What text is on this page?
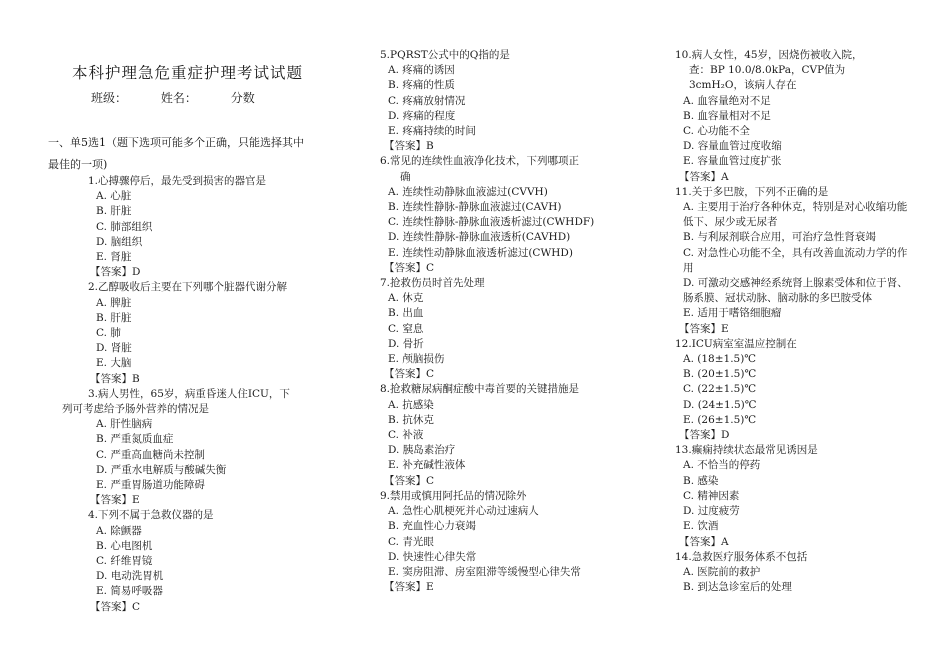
本科护理急危重症护理考试试题
班级：	姓名：	分数
一、单5选1（题下选项可能多个正确，只能选择其中最佳的一项)
1.心搏骤停后，最先受到损害的器官是
A. 心脏
B. 肝脏
C. 肺部组织
D. 脑组织
E. 肾脏
【答案】D
2.乙醇吸收后主要在下列哪个脏器代谢分解
A. 脾脏
B. 肝脏
C. 肺
D. 肾脏
E. 大脑
【答案】B
3.病人男性，65岁，病重昏迷人住ICU，下
列可考虑给予肠外营养的情况是
A. 肝性脑病
B. 严重氮质血症
C. 严重高血糖尚未控制
D. 严重水电解质与酸碱失衡
E. 严重胃肠道功能障碍
【答案】E
4.下列不属于急救仪器的是
A. 除颤器
B. 心电图机
C. 纤维胃镜
D. 电动洗胃机
E. 简易呼吸器
【答案】C
5.PQRST公式中的Q指的是
A. 疼痛的诱因
B. 疼痛的性质
C. 疼痛放射情况
D. 疼痛的程度
E. 疼痛持续的时间
【答案】B
6.常见的连续性血液净化技术，下列哪项正
确
A. 连续性动静脉血液滤过(CVVH)
B. 连续性静脉-静脉血液滤过(CAVH)
C. 连续性静脉-静脉血液透析滤过(CWHDF)
D. 连续性静脉-静脉血液透析(CAVHD)
E. 连续性动静脉血液透析滤过(CWHD)
【答案】C
7.抢救伤员时首先处理
A. 休克
B. 出血
C. 窒息
D. 骨折
E. 颅脑损伤
【答案】C
8.抢救糖尿病酮症酸中毒首要的关键措施是
A. 抗感染
B. 抗休克
C. 补液
D. 胰岛素治疗
E. 补充碱性液体
【答案】C
9.禁用或慎用阿托品的情况除外
A. 急性心肌梗死并心动过速病人
B. 充血性心力衰竭
C. 青光眼
D. 快速性心律失常
E. 窦房阻滞、房室阻滞等缓慢型心律失常
【答案】E
10.病人女性，45岁，因烧伤被收入院，
查：BP 10.0/8.0kPa，CVP值为
3cmH₂O，该病人存在
A. 血容量绝对不足
B. 血容量相对不足
C. 心功能不全
D. 容量血管过度收缩
E. 容量血管过度扩张
【答案】A
11.关于多巴胺，下列不正确的是
A. 主要用于治疗各种休克，特别是对心收缩功能低下、尿少或无尿者
B. 与利尿剂联合应用，可治疗急性肾衰竭
C. 对急性心功能不全，具有改善血流动力学的作用
D. 可激动交感神经系统肾上腺素受体和位于肾、肠系膜、冠状动脉、脑动脉的多巴胺受体
E. 适用于嗜铬细胞瘤
【答案】E
12.ICU病室室温应控制在
A. (18±1.5)℃
B. (20±1.5)℃
C. (22±1.5)℃
D. (24±1.5)℃
E. (26±1.5)℃
【答案】D
13.癫痫持续状态最常见诱因是
A. 不恰当的停药
B. 感染
C. 精神因素
D. 过度疲劳
E. 饮酒
【答案】A
14.急救医疗服务体系不包括
A. 医院前的救护
B. 到达急诊室后的处理
